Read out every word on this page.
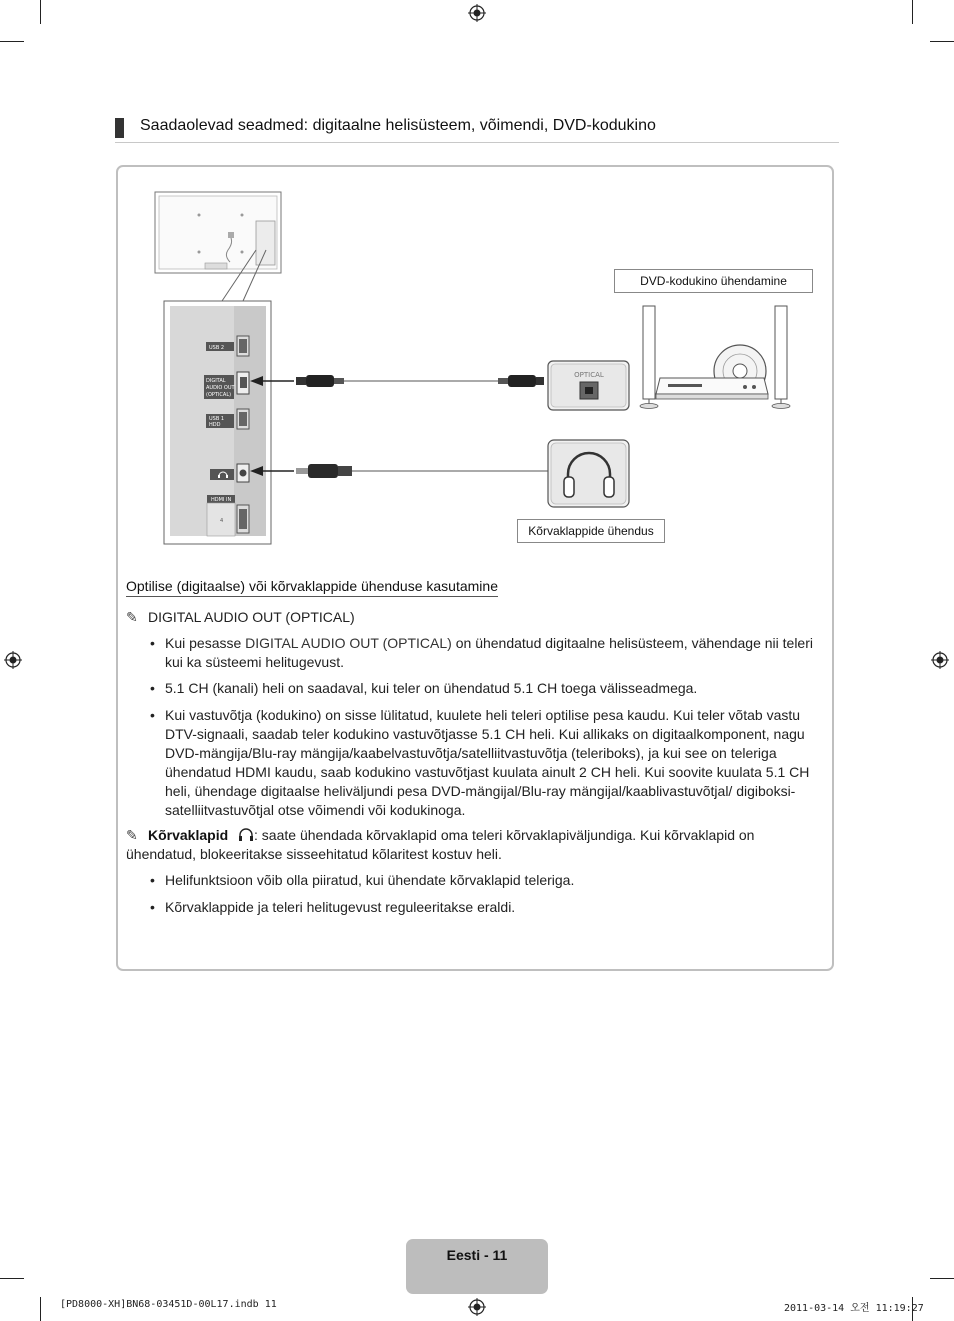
Saadaolevad seadmed: digitaalne helisüsteem, võimendi, DVD-kodukino
USB 2
DIGITAL
AUDIO OUT
(OPTICAL)
USB 1
HDD
HDMI IN
4
OPTICAL
DVD-kodukino ühendamine
Kõrvaklappide ühendus
Optilise (digitaalse) või kõrvaklappide ühenduse kasutamine
✎ DIGITAL AUDIO OUT (OPTICAL)
• Kui pesasse DIGITAL AUDIO OUT (OPTICAL) on ühendatud digitaalne helisüsteem, vähendage nii teleri kui ka süsteemi helitugevust.
• 5.1 CH (kanali) heli on saadaval, kui teler on ühendatud 5.1 CH toega välisseadmega.
• Kui vastuvõtja (kodukino) on sisse lülitatud, kuulete heli teleri optilise pesa kaudu. Kui teler võtab vastu DTV-signaali, saadab teler kodukino vastuvõtjasse 5.1 CH heli. Kui allikaks on digitaalkomponent, nagu DVD-mängija/Blu-ray mängija/kaabelvastuvõtja/satelliitvastuvõtja (teleriboks), ja kui see on teleriga ühendatud HDMI kaudu, saab kodukino vastuvõtjast kuulata ainult 2 CH heli. Kui soovite kuulata 5.1 CH heli, ühendage digitaalse heliväljundi pesa DVD-mängijal/Blu-ray mängijal/kaablivastuvõtjal/ digiboksi-satelliitvastuvõtjal otse võimendi või kodukinoga.
✎ Kõrvaklapid : saate ühendada kõrvaklapid oma teleri kõrvaklapiväljundiga. Kui kõrvaklapid on ühendatud, blokeeritakse sisseehitatud kõlaritest kostuv heli.
• Helifunktsioon võib olla piiratud, kui ühendate kõrvaklapid teleriga.
• Kõrvaklappide ja teleri helitugevust reguleeritakse eraldi.
Eesti - 11
[PD8000-XH]BN68-03451D-00L17.indb 11	2011-03-14 오전 11:19:27
